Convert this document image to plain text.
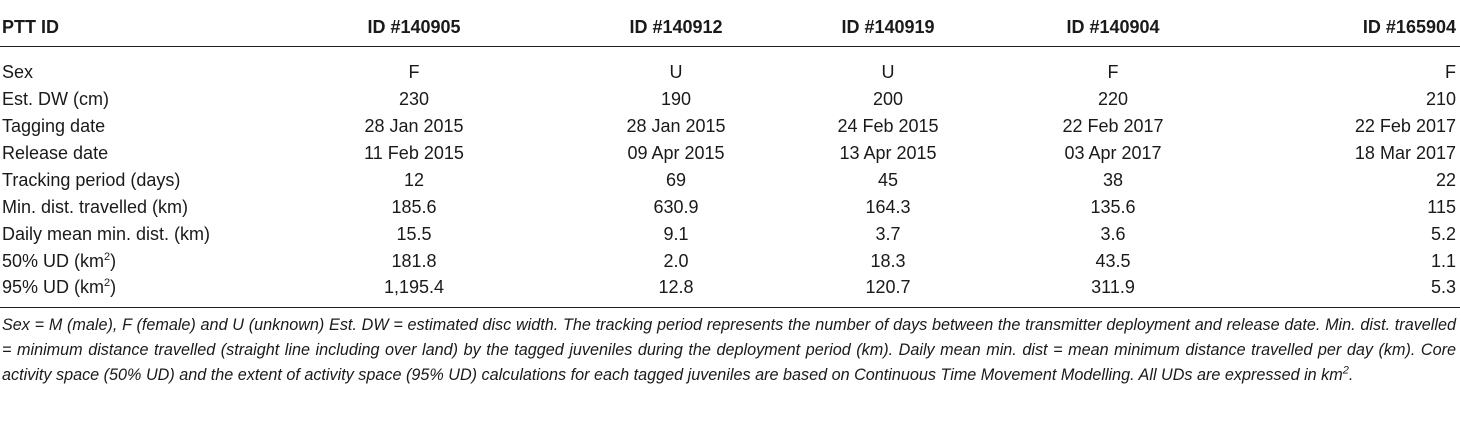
PTT ID	ID #140905	ID #140912	ID #140919	ID #140904	ID #165904
Sex	F	U	U	F	F
Est. DW (cm)	230	190	200	220	210
Tagging date	28 Jan 2015	28 Jan 2015	24 Feb 2015	22 Feb 2017	22 Feb 2017
Release date	11 Feb 2015	09 Apr 2015	13 Apr 2015	03 Apr 2017	18 Mar 2017
Tracking period (days)	12	69	45	38	22
Min. dist. travelled (km)	185.6	630.9	164.3	135.6	115
Daily mean min. dist. (km)	15.5	9.1	3.7	3.6	5.2
50% UD $(km^2)$	181.8	2.0	18.3	43.5	1.1
95% UD $(km^2)$	1,195.4	12.8	120.7	311.9	5.3
Sex = M (male), F (female) and U (unknown) Est. DW = estimated disc width. The tracking period represents the number of days between the transmitter deployment and release date. Min. dist. travelled = minimum distance travelled (straight line including over land) by the tagged juveniles during the deployment period (km). Daily mean min. dist = mean minimum distance travelled per day (km). Core activity space (50% UD) and the extent of activity space (95% UD) calculations for each tagged juveniles are based on Continuous Time Movement Modelling. All UDs are expressed in $km^2$.
